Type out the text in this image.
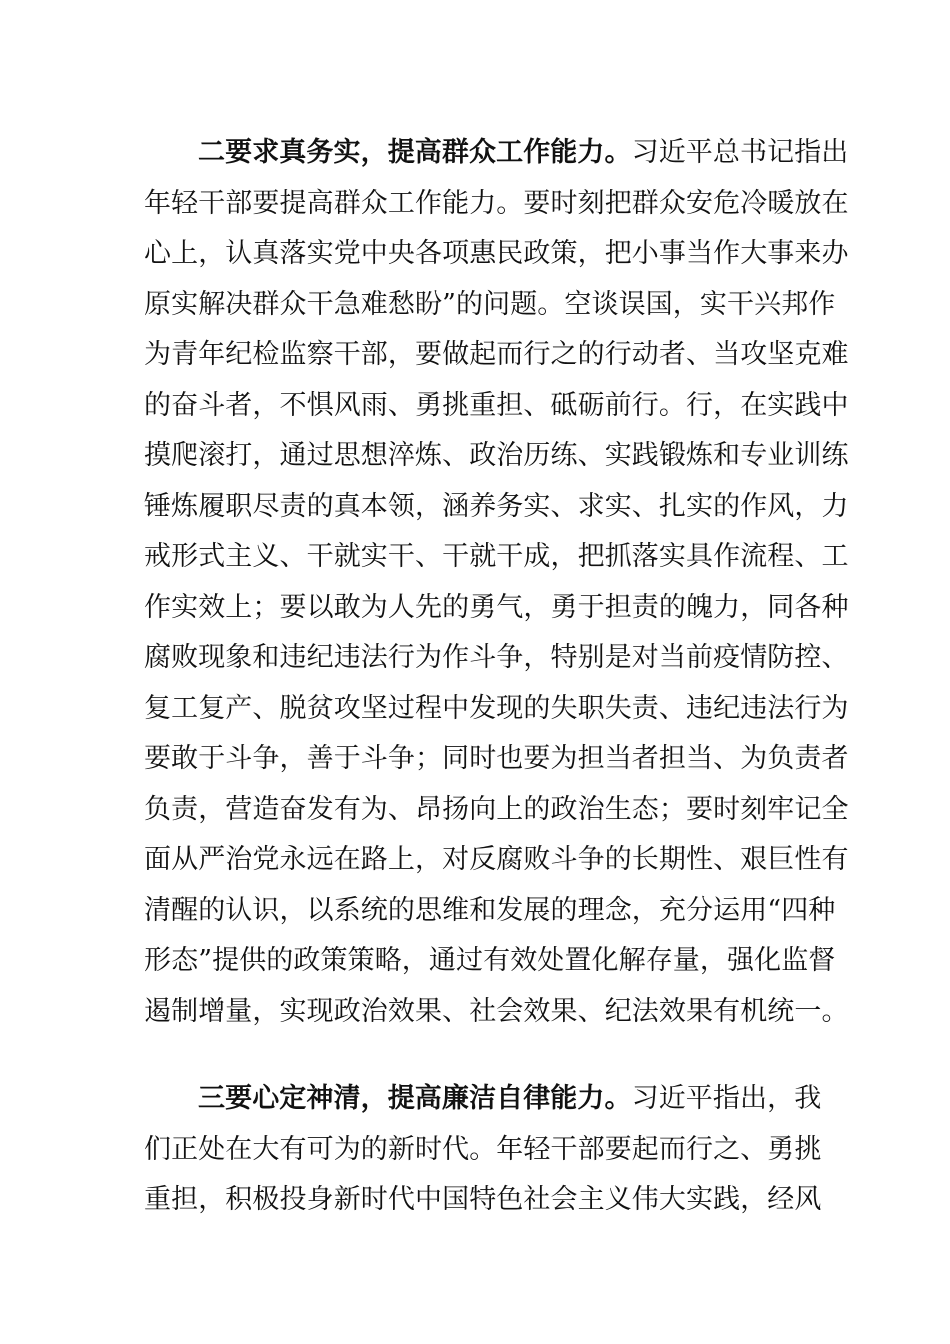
二要求真务实，提高群众工作能力。习近平总书记指出
年轻干部要提高群众工作能力。要时刻把群众安危冷暖放在
心上，认真落实党中央各项惠民政策，把小事当作大事来办
原实解决群众干急难愁盼”的问题。空谈误国，实干兴邦作
为青年纪检监察干部，要做起而行之的行动者、当攻坚克难
的奋斗者，不惧风雨、勇挑重担、砥砺前行。行，在实践中
摸爬滚打，通过思想淬炼、政治历练、实践锻炼和专业训练
锤炼履职尽责的真本领，涵养务实、求实、扎实的作风，力
戒形式主义、干就实干、干就干成，把抓落实具作流程、工
作实效上；要以敢为人先的勇气，勇于担责的魄力，同各种
腐败现象和违纪违法行为作斗争，特别是对当前疫情防控、
复工复产、脱贫攻坚过程中发现的失职失责、违纪违法行为
要敢于斗争，善于斗争；同时也要为担当者担当、为负责者
负责，营造奋发有为、昂扬向上的政治生态；要时刻牢记全
面从严治党永远在路上，对反腐败斗争的长期性、艰巨性有
清醒的认识，以系统的思维和发展的理念，充分运用“四种
形态”提供的政策策略，通过有效处置化解存量，强化监督
遏制增量，实现政治效果、社会效果、纪法效果有机统一。

三要心定神清，提高廉洁自律能力。习近平指出，我
们正处在大有可为的新时代。年轻干部要起而行之、勇挑
重担，积极投身新时代中国特色社会主义伟大实践，经风
